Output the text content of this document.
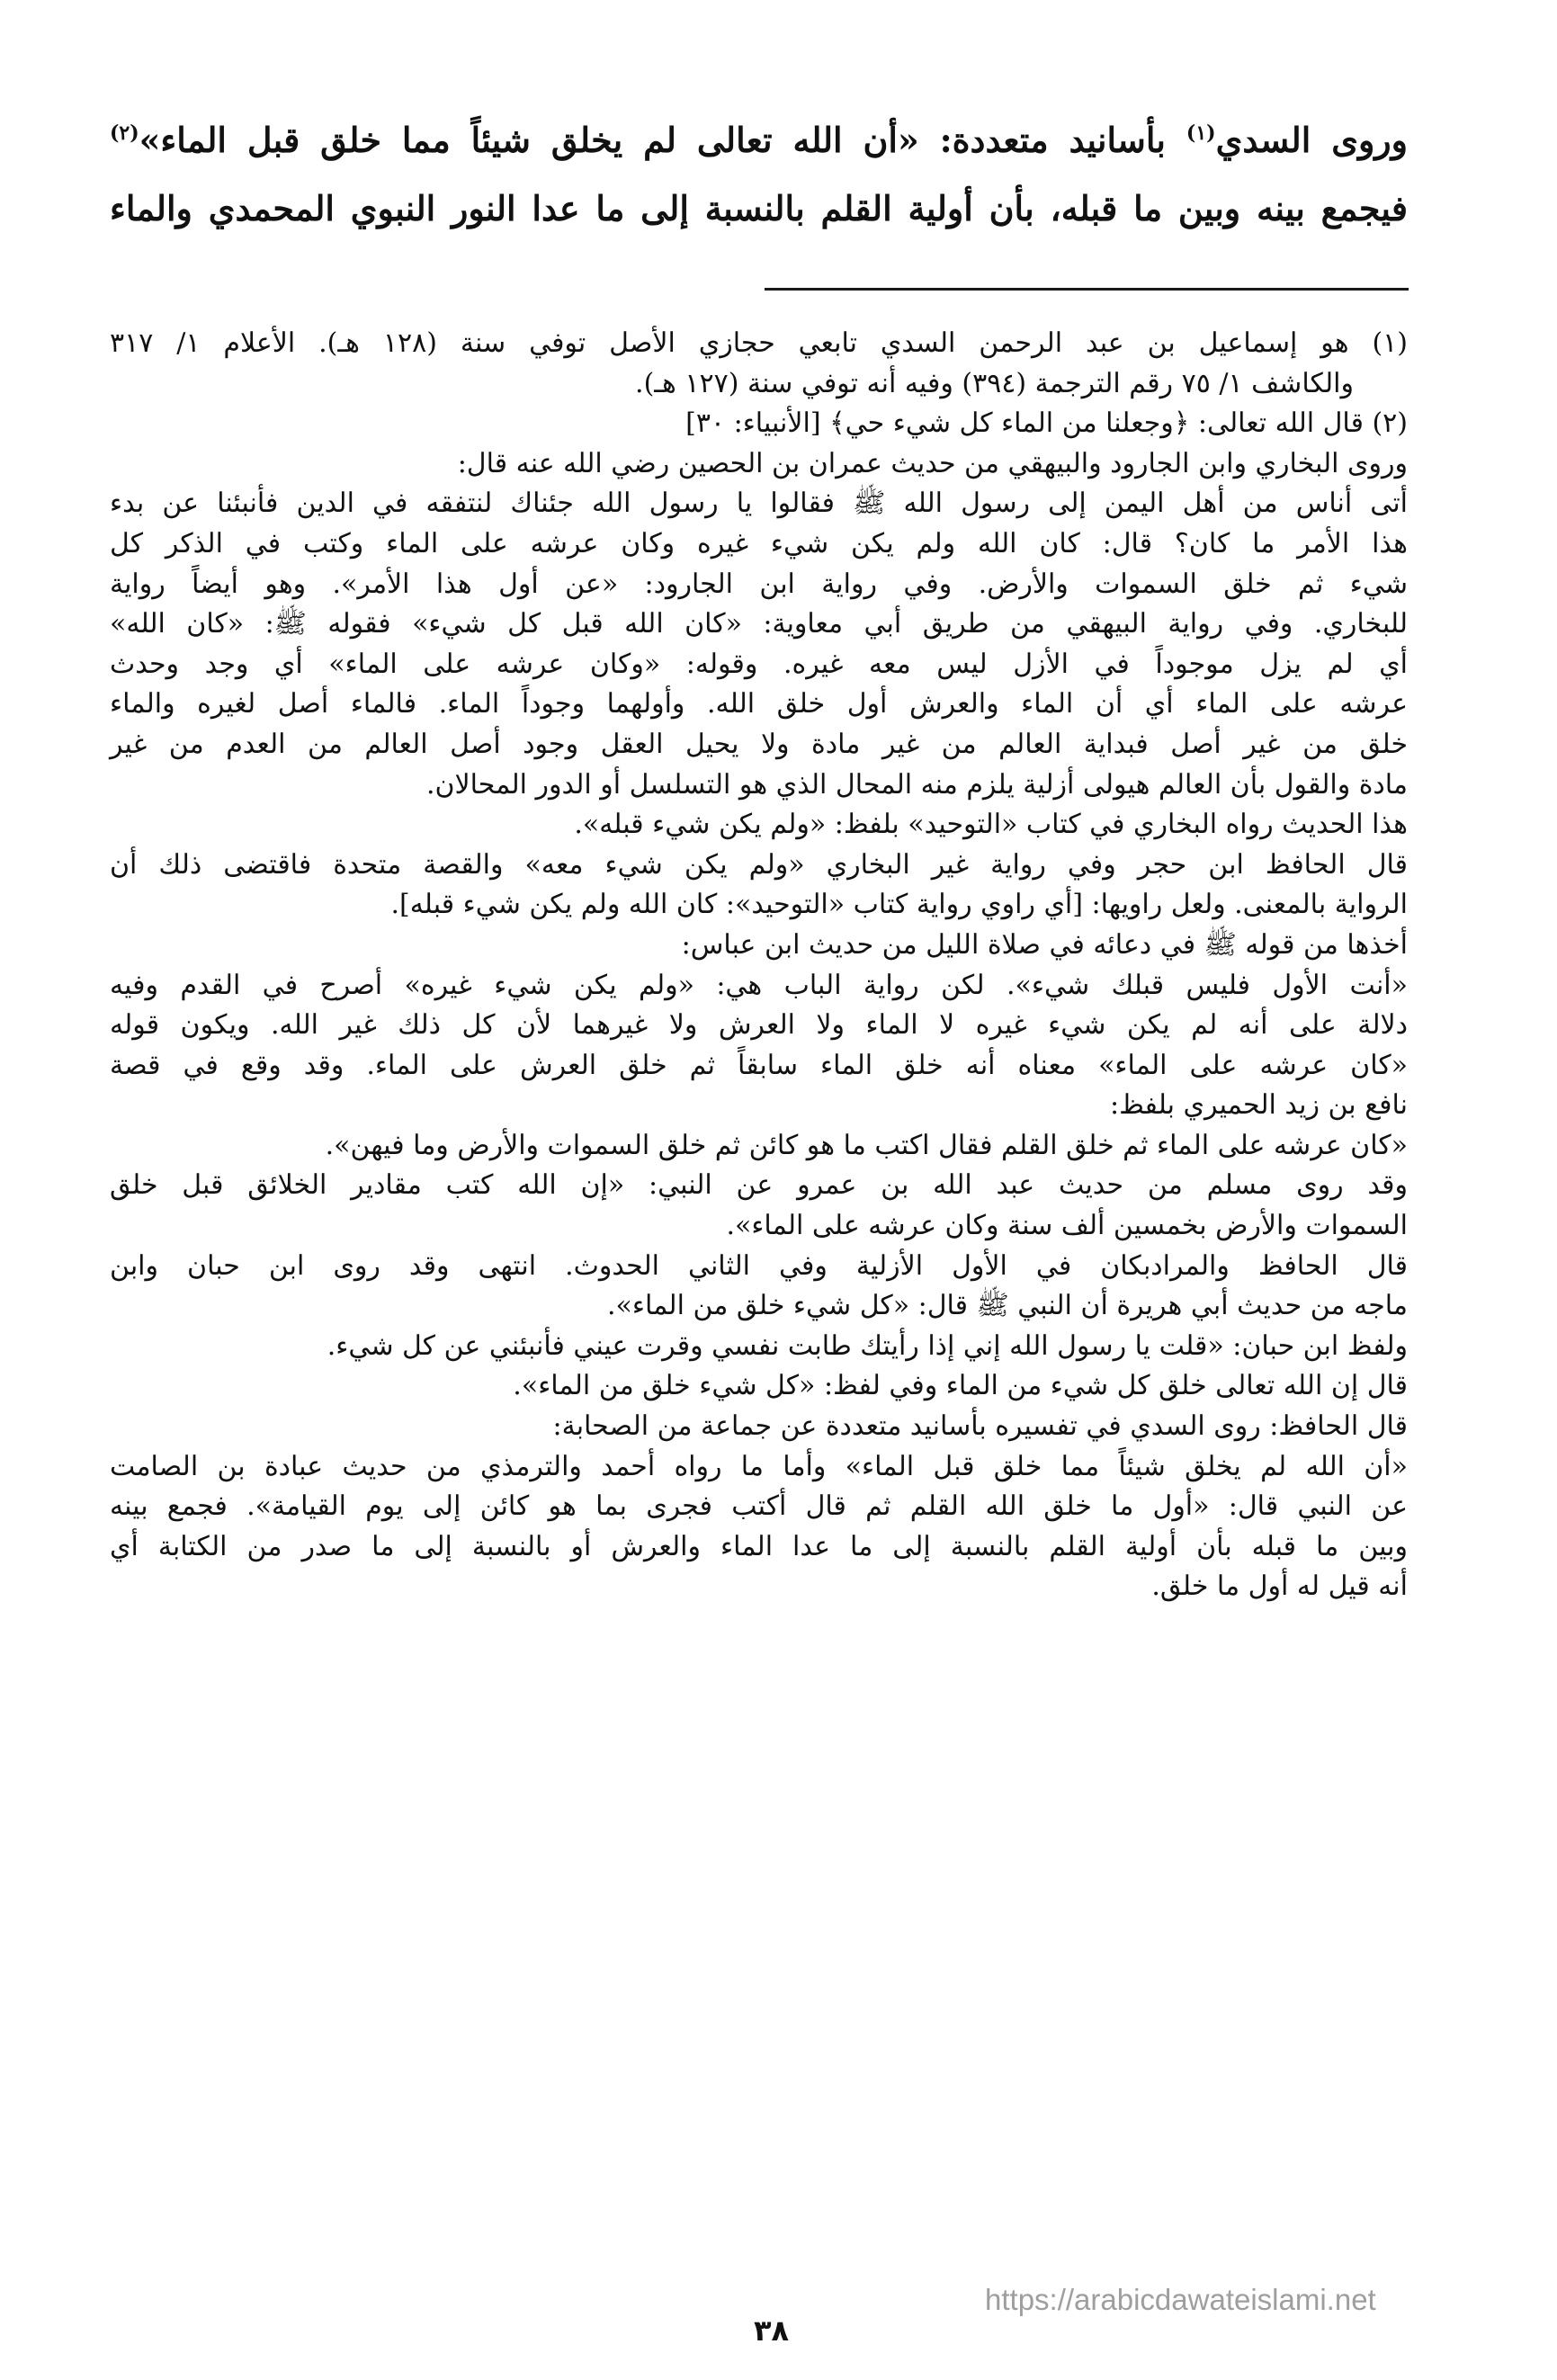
وروى السدي$^{(١)}$ بأسانيد متعددة: «أن الله تعالى لم يخلق شيئاً مما خلق قبل الماء»$^{(٢)}$
فيجمع بينه وبين ما قبله، بأن أولية القلم بالنسبة إلى ما عدا النور النبوي المحمدي والماء
(١) هو إسماعيل بن عبد الرحمن السدي تابعي حجازي الأصل توفي سنة (١٢٨ هـ). الأعلام ١/ ٣١٧
والكاشف ١/ ٧٥ رقم الترجمة (٣٩٤) وفيه أنه توفي سنة (١٢٧ هـ).
(٢) قال الله تعالى: ﴿وجعلنا من الماء كل شيء حي﴾ [الأنبياء: ٣٠]
وروى البخاري وابن الجارود والبيهقي من حديث عمران بن الحصين رضي الله عنه قال:
أتى أناس من أهل اليمن إلى رسول الله ﷺ فقالوا يا رسول الله جئناك لنتفقه في الدين فأنبئنا عن بدء
هذا الأمر ما كان؟ قال: كان الله ولم يكن شيء غيره وكان عرشه على الماء وكتب في الذكر كل
شيء ثم خلق السموات والأرض. وفي رواية ابن الجارود: «عن أول هذا الأمر». وهو أيضاً رواية
للبخاري. وفي رواية البيهقي من طريق أبي معاوية: «كان الله قبل كل شيء» فقوله ﷺ: «كان الله»
أي لم يزل موجوداً في الأزل ليس معه غيره. وقوله: «وكان عرشه على الماء» أي وجد وحدث
عرشه على الماء أي أن الماء والعرش أول خلق الله. وأولهما وجوداً الماء. فالماء أصل لغيره والماء
خلق من غير أصل فبداية العالم من غير مادة ولا يحيل العقل وجود أصل العالم من العدم من غير
مادة والقول بأن العالم هيولى أزلية يلزم منه المحال الذي هو التسلسل أو الدور المحالان.
هذا الحديث رواه البخاري في كتاب «التوحيد» بلفظ: «ولم يكن شيء قبله».
قال الحافظ ابن حجر وفي رواية غير البخاري «ولم يكن شيء معه» والقصة متحدة فاقتضى ذلك أن
الرواية بالمعنى. ولعل راويها: [أي راوي رواية كتاب «التوحيد»: كان الله ولم يكن شيء قبله].
أخذها من قوله ﷺ في دعائه في صلاة الليل من حديث ابن عباس:
«أنت الأول فليس قبلك شيء». لكن رواية الباب هي: «ولم يكن شيء غيره» أصرح في القدم وفيه
دلالة على أنه لم يكن شيء غيره لا الماء ولا العرش ولا غيرهما لأن كل ذلك غير الله. ويكون قوله
«كان عرشه على الماء» معناه أنه خلق الماء سابقاً ثم خلق العرش على الماء. وقد وقع في قصة
نافع بن زيد الحميري بلفظ:
«كان عرشه على الماء ثم خلق القلم فقال اكتب ما هو كائن ثم خلق السموات والأرض وما فيهن».
وقد روى مسلم من حديث عبد الله بن عمرو عن النبي: «إن الله كتب مقادير الخلائق قبل خلق
السموات والأرض بخمسين ألف سنة وكان عرشه على الماء».
قال الحافظ والمرادبكان في الأول الأزلية وفي الثاني الحدوث. انتهى وقد روى ابن حبان وابن
ماجه من حديث أبي هريرة أن النبي ﷺ قال: «كل شيء خلق من الماء».
ولفظ ابن حبان: «قلت يا رسول الله إني إذا رأيتك طابت نفسي وقرت عيني فأنبئني عن كل شيء.
قال إن الله تعالى خلق كل شيء من الماء وفي لفظ: «كل شيء خلق من الماء».
قال الحافظ: روى السدي في تفسيره بأسانيد متعددة عن جماعة من الصحابة:
«أن الله لم يخلق شيئاً مما خلق قبل الماء» وأما ما رواه أحمد والترمذي من حديث عبادة بن الصامت
عن النبي قال: «أول ما خلق الله القلم ثم قال أكتب فجرى بما هو كائن إلى يوم القيامة». فجمع بينه
وبين ما قبله بأن أولية القلم بالنسبة إلى ما عدا الماء والعرش أو بالنسبة إلى ما صدر من الكتابة أي
أنه قيل له أول ما خلق.
٣٨
https://arabicdawateislami.net
